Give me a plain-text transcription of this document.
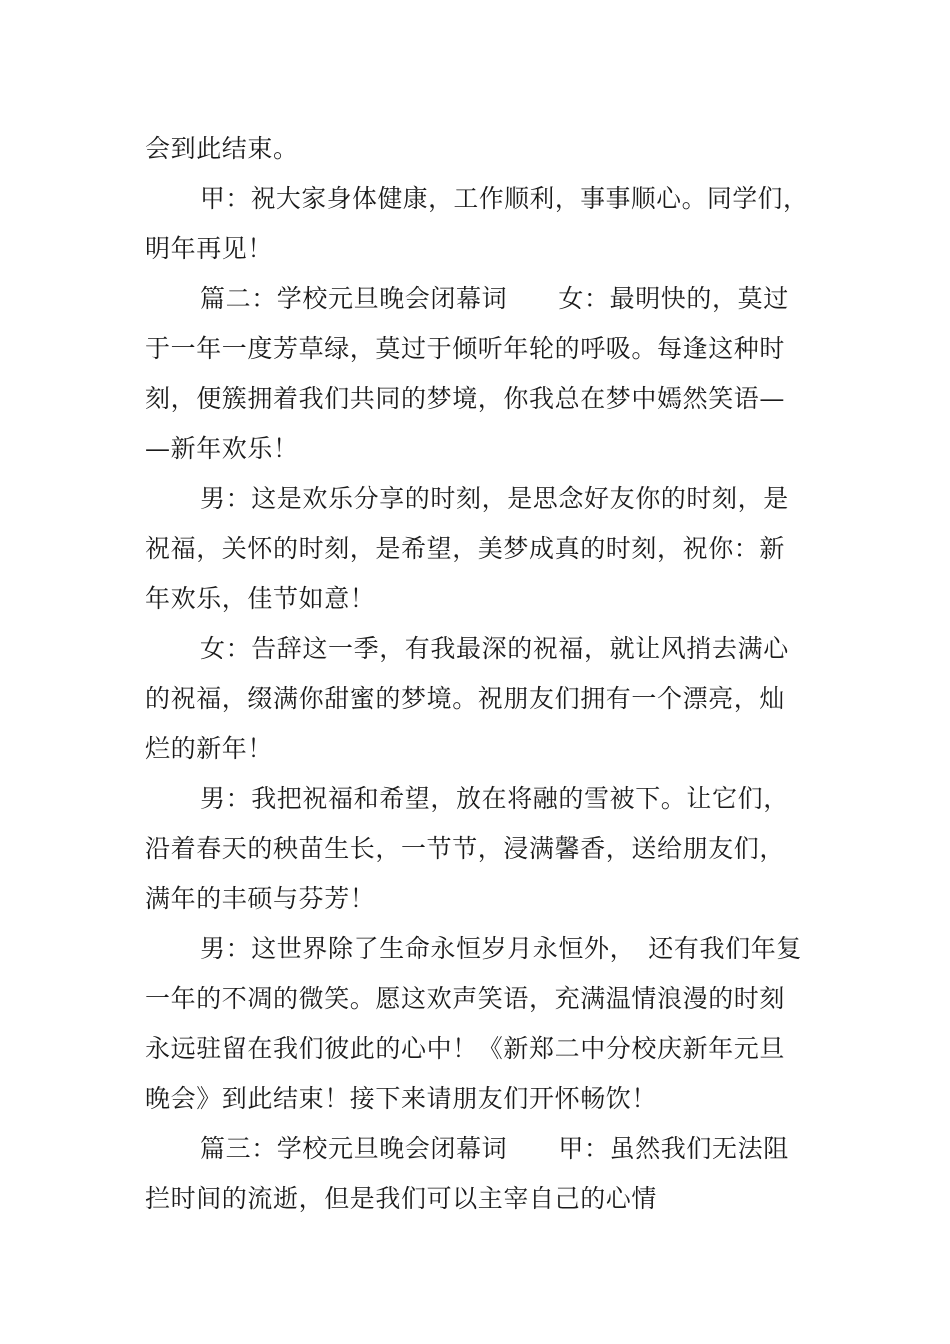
会到此结束。
甲：祝大家身体健康，工作顺利，事事顺心。同学们，
明年再见！
篇二：学校元旦晚会闭幕词　　女：最明快的，莫过
于一年一度芳草绿，莫过于倾听年轮的呼吸。每逢这种时
刻，便簇拥着我们共同的梦境，你我总在梦中嫣然笑语—
—新年欢乐！
男：这是欢乐分享的时刻，是思念好友你的时刻，是
祝福，关怀的时刻，是希望，美梦成真的时刻，祝你：新
年欢乐，佳节如意！
女：告辞这一季，有我最深的祝福，就让风捎去满心
的祝福，缀满你甜蜜的梦境。祝朋友们拥有一个漂亮，灿
烂的新年！
男：我把祝福和希望，放在将融的雪被下。让它们，
沿着春天的秧苗生长，一节节，浸满馨香，送给朋友们，
满年的丰硕与芬芳！
男：这世界除了生命永恒岁月永恒外，　还有我们年复
一年的不凋的微笑。愿这欢声笑语，充满温情浪漫的时刻
永远驻留在我们彼此的心中！《新郑二中分校庆新年元旦
晚会》到此结束！接下来请朋友们开怀畅饮！
篇三：学校元旦晚会闭幕词　　甲：虽然我们无法阻
拦时间的流逝，但是我们可以主宰自己的心情
